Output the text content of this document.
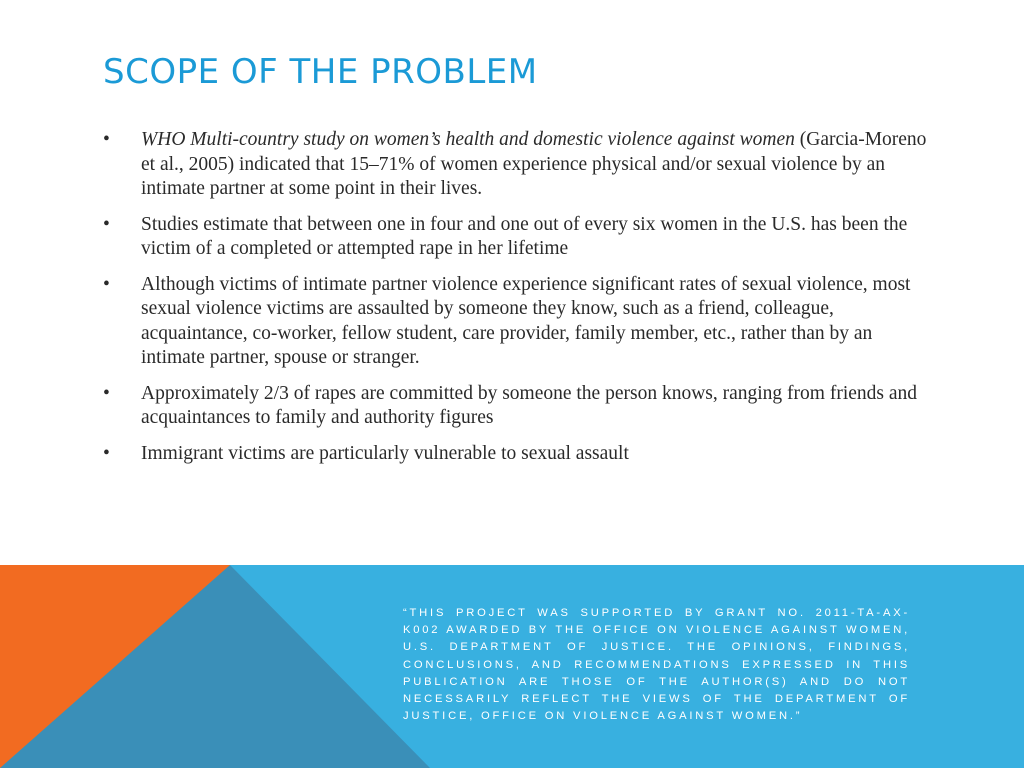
SCOPE OF THE PROBLEM
•	WHO Multi-country study on women’s health and domestic violence against women (Garcia-Moreno et al., 2005) indicated that 15–71% of women experience physical and/or sexual violence by an intimate partner at some point in their lives.
•	Studies estimate that between one in four and one out of every six women in the U.S. has been the victim of a completed or attempted rape in her lifetime
•	Although victims of intimate partner violence experience significant rates of sexual violence, most sexual violence victims are assaulted by someone they know, such as a friend, colleague, acquaintance, co-worker, fellow student, care provider, family member, etc., rather than by an intimate partner, spouse or stranger.
•	Approximately 2/3 of rapes are committed by someone the person knows, ranging from friends and acquaintances to family and authority figures
•	Immigrant victims are particularly vulnerable to sexual assault

“THIS PROJECT WAS SUPPORTED BY GRANT NO. 2011-TA-AX-K002 AWARDED BY THE OFFICE ON VIOLENCE AGAINST WOMEN, U.S. DEPARTMENT OF JUSTICE. THE OPINIONS, FINDINGS, CONCLUSIONS, AND RECOMMENDATIONS EXPRESSED IN THIS PUBLICATION ARE THOSE OF THE AUTHOR(S) AND DO NOT NECESSARILY REFLECT THE VIEWS OF THE DEPARTMENT OF JUSTICE, OFFICE ON VIOLENCE AGAINST WOMEN.”
